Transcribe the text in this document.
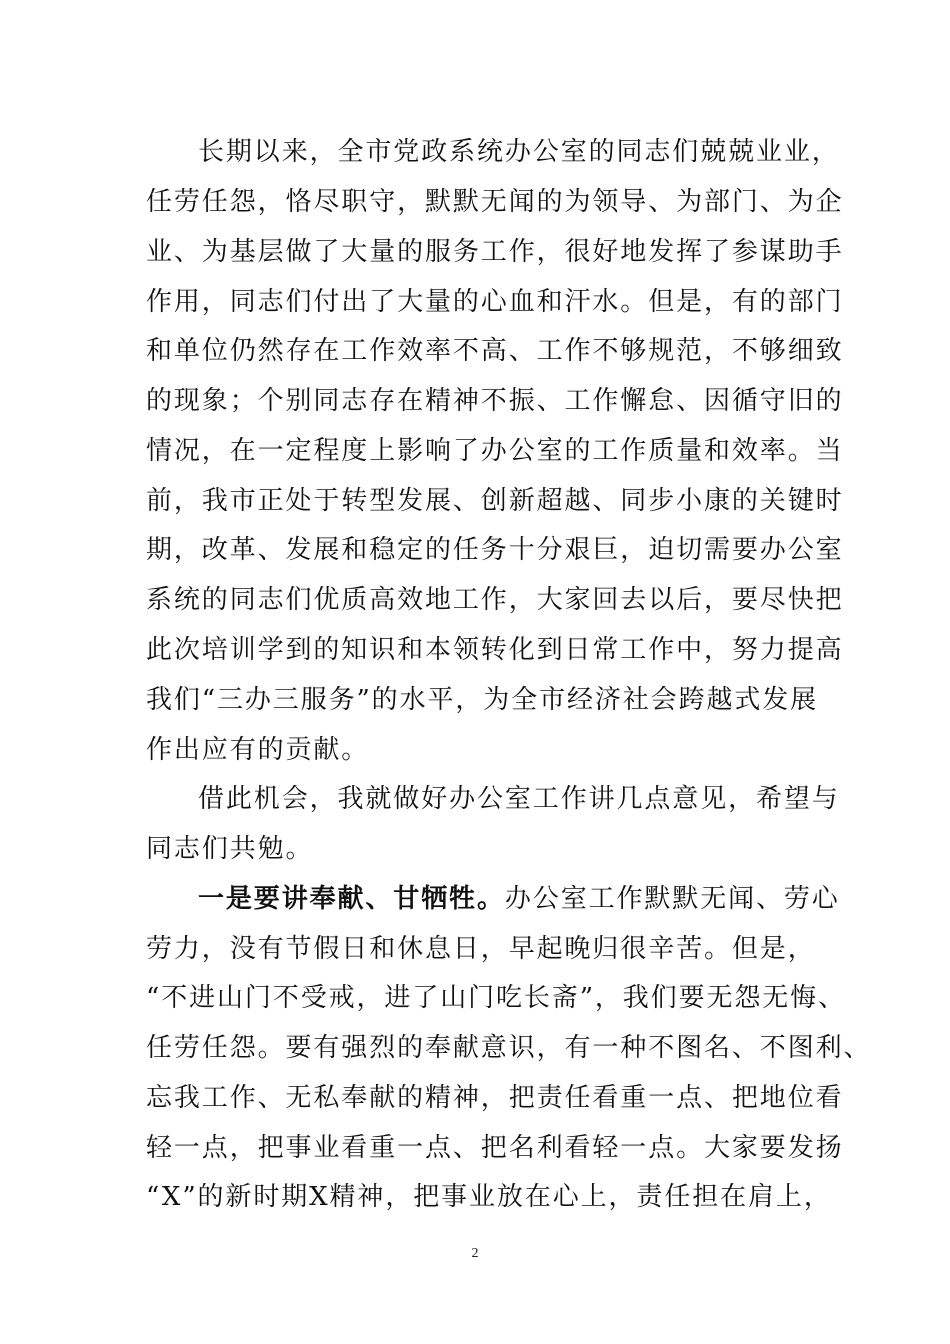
长期以来，全市党政系统办公室的同志们兢兢业业，
任劳任怨，恪尽职守，默默无闻的为领导、为部门、为企
业、为基层做了大量的服务工作，很好地发挥了参谋助手
作用，同志们付出了大量的心血和汗水。但是，有的部门
和单位仍然存在工作效率不高、工作不够规范，不够细致
的现象；个别同志存在精神不振、工作懈怠、因循守旧的
情况，在一定程度上影响了办公室的工作质量和效率。当
前，我市正处于转型发展、创新超越、同步小康的关键时
期，改革、发展和稳定的任务十分艰巨，迫切需要办公室
系统的同志们优质高效地工作，大家回去以后，要尽快把
此次培训学到的知识和本领转化到日常工作中，努力提高
我们“三办三服务”的水平，为全市经济社会跨越式发展
作出应有的贡献。
借此机会，我就做好办公室工作讲几点意见，希望与
同志们共勉。
一是要讲奉献、甘牺牲。办公室工作默默无闻、劳心
劳力，没有节假日和休息日，早起晚归很辛苦。但是，
“不进山门不受戒，进了山门吃长斋”，我们要无怨无悔、
任劳任怨。要有强烈的奉献意识，有一种不图名、不图利、
忘我工作、无私奉献的精神，把责任看重一点、把地位看
轻一点，把事业看重一点、把名利看轻一点。大家要发扬
“X”的新时期X精神，把事业放在心上，责任担在肩上，
2
